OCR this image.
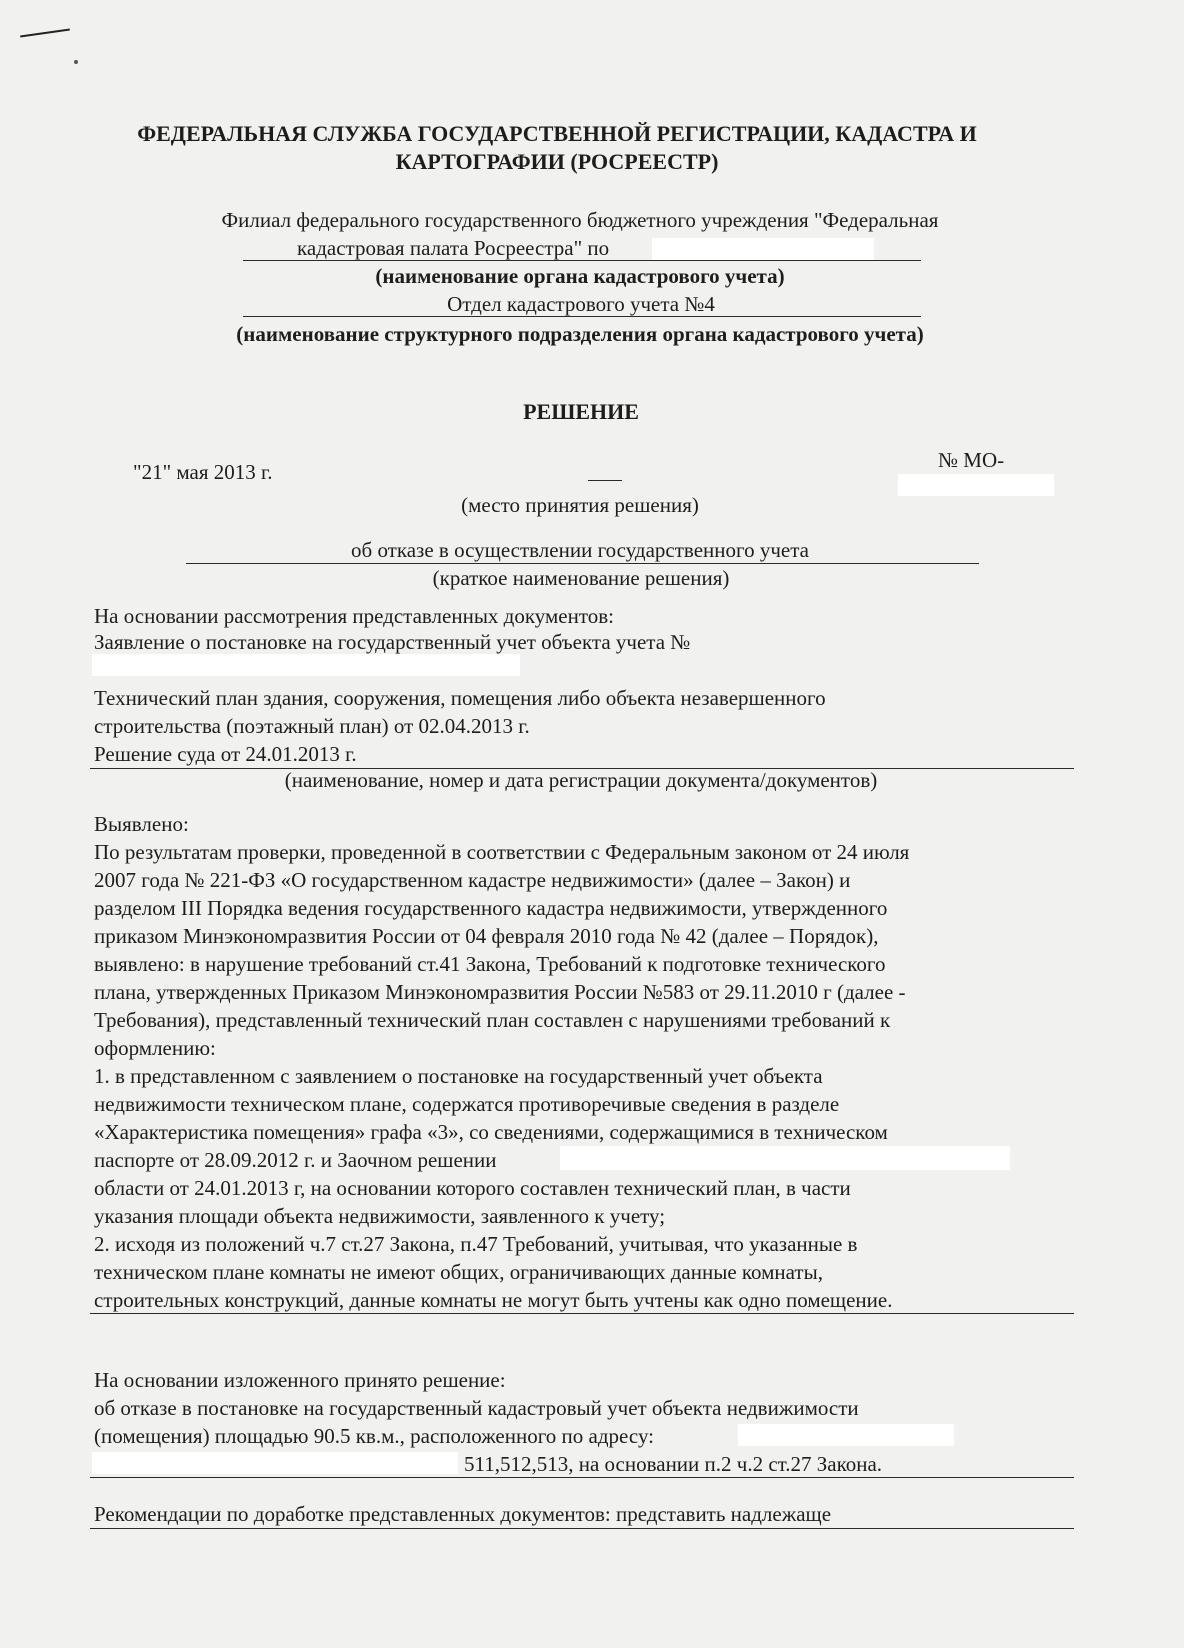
ФЕДЕРАЛЬНАЯ СЛУЖБА ГОСУДАРСТВЕННОЙ РЕГИСТРАЦИИ, КАДАСТРА И
КАРТОГРАФИИ (РОСРЕЕСТР)
Филиал федерального государственного бюджетного учреждения "Федеральная
кадастровая палата Росреестра" по
(наименование органа кадастрового учета)
Отдел кадастрового учета №4
(наименование структурного подразделения органа кадастрового учета)
РЕШЕНИЕ
"21" мая 2013 г.	№ МО-
(место принятия решения)
об отказе в осуществлении государственного учета
(краткое наименование решения)
На основании рассмотрения представленных документов:
Заявление о постановке на государственный учет объекта учета №
Технический план здания, сооружения, помещения либо объекта незавершенного
строительства (поэтажный план) от 02.04.2013 г.
Решение суда от 24.01.2013 г.
(наименование, номер и дата регистрации документа/документов)
Выявлено:
По результатам проверки, проведенной в соответствии с Федеральным законом от 24 июля
2007 года № 221-ФЗ «О государственном кадастре недвижимости» (далее – Закон) и
разделом III Порядка ведения государственного кадастра недвижимости, утвержденного
приказом Минэкономразвития России от 04 февраля 2010 года № 42 (далее – Порядок),
выявлено: в нарушение требований ст.41 Закона, Требований к подготовке технического
плана, утвержденных Приказом Минэкономразвития России №583 от 29.11.2010 г (далее -
Требования), представленный технический план составлен с нарушениями требований к
оформлению:
1. в представленном с заявлением о постановке на государственный учет объекта
недвижимости техническом плане, содержатся противоречивые сведения в разделе
«Характеристика помещения» графа «3», со сведениями, содержащимися в техническом
паспорте от 28.09.2012 г. и Заочном решении
области от 24.01.2013 г, на основании которого составлен технический план, в части
указания площади объекта недвижимости, заявленного к учету;
2. исходя из положений ч.7 ст.27 Закона, п.47 Требований, учитывая, что указанные в
техническом плане комнаты не имеют общих, ограничивающих данные комнаты,
строительных конструкций, данные комнаты не могут быть учтены как одно помещение.
На основании изложенного принято решение:
об отказе в постановке на государственный кадастровый учет объекта недвижимости
(помещения) площадью 90.5 кв.м., расположенного по адресу:
511,512,513, на основании п.2 ч.2 ст.27 Закона.
Рекомендации по доработке представленных документов: представить надлежаще
